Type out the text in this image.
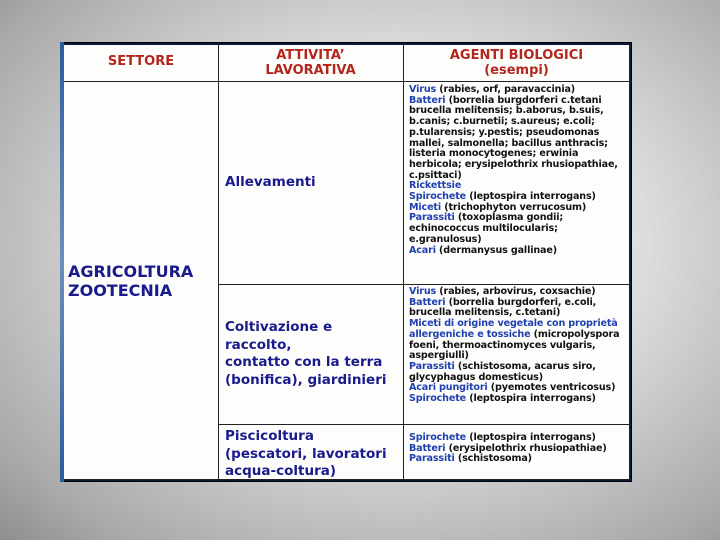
SETTORE	ATTIVITA’
LAVORATIVA
AGENTI BIOLOGICI
(esempi)
AGRICOLTURA
ZOOTECNIA
Allevamenti
Coltivazione e
raccolto,
contatto con la terra
(bonifica), giardinieri
Piscicoltura
(pescatori, lavoratori
acqua-coltura)
Virus (rabies, orf, paravaccinia)
Batteri (borrelia burgdorferi c.tetani
brucella melitensis; b.aborus, b.suis,
b.canis; c.burnetii; s.aureus; e.coli;
p.tularensis; y.pestis; pseudomonas
mallei, salmonella; bacillus anthracis;
listeria monocytogenes; erwinia
herbicola; erysipelothrix rhusiopathiae,
c.psittaci)
Rickettsie
Spirochete (leptospira interrogans)
Miceti (trichophyton verrucosum)
Parassiti (toxoplasma gondii;
echinococcus multilocularis;
e.granulosus)
Acari (dermanysus gallinae)
Virus (rabies, arbovirus, coxsachie)
Batteri (borrelia burgdorferi, e.coli,
brucella melitensis, c.tetani)
Miceti di origine vegetale con proprietà
allergeniche e tossiche (micropolyspora
foeni, thermoactinomyces vulgaris,
aspergiulli)
Parassiti (schistosoma, acarus siro,
glycyphagus domesticus)
Acari pungitori (pyemotes ventricosus)
Spirochete (leptospira interrogans)
Spirochete (leptospira interrogans)
Batteri (erysipelothrix rhusiopathiae)
Parassiti (schistosoma)
